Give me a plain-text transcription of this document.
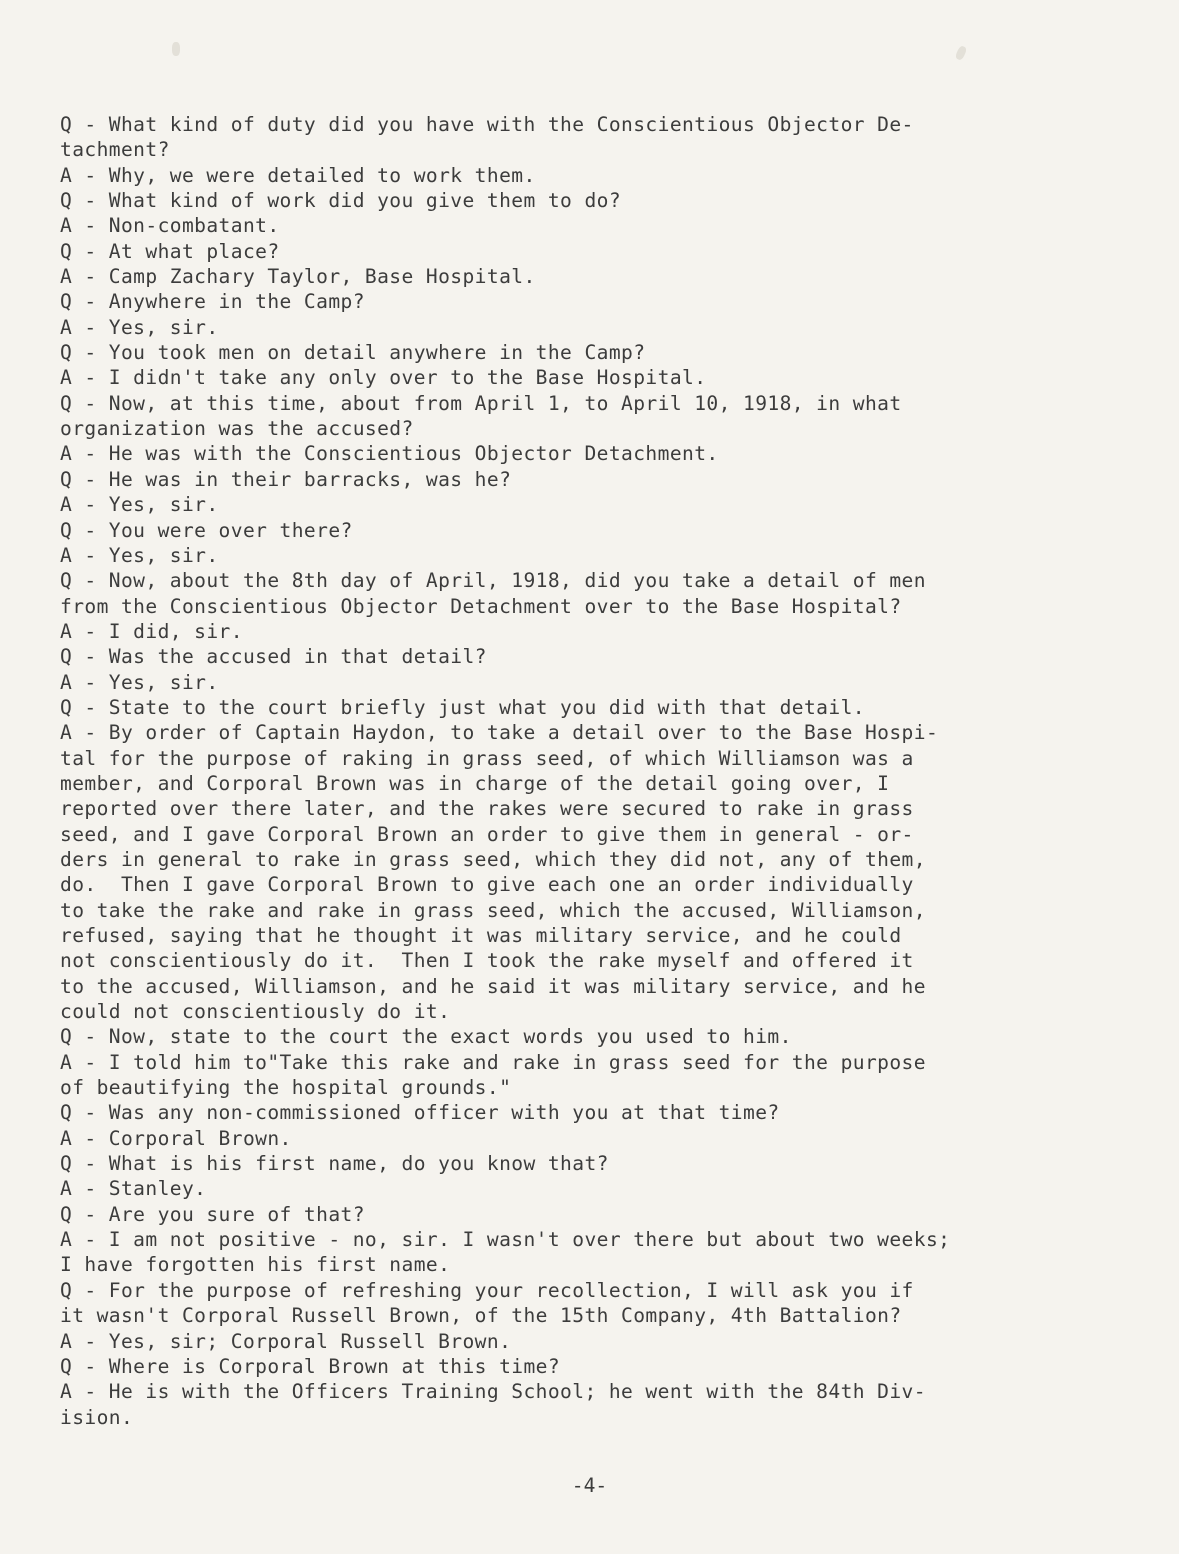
Q - What kind of duty did you have with the Conscientious Objector De-
tachment?
A - Why, we were detailed to work them.
Q - What kind of work did you give them to do?
A - Non-combatant.
Q - At what place?
A - Camp Zachary Taylor, Base Hospital.
Q - Anywhere in the Camp?
A - Yes, sir.
Q - You took men on detail anywhere in the Camp?
A - I didn't take any only over to the Base Hospital.
Q - Now, at this time, about from April 1, to April 10, 1918, in what
organization was the accused?
A - He was with the Conscientious Objector Detachment.
Q - He was in their barracks, was he?
A - Yes, sir.
Q - You were over there?
A - Yes, sir.
Q - Now, about the 8th day of April, 1918, did you take a detail of men
from the Conscientious Objector Detachment over to the Base Hospital?
A - I did, sir.
Q - Was the accused in that detail?
A - Yes, sir.
Q - State to the court briefly just what you did with that detail.
A - By order of Captain Haydon, to take a detail over to the Base Hospi-
tal for the purpose of raking in grass seed, of which Williamson was a
member, and Corporal Brown was in charge of the detail going over, I
reported over there later, and the rakes were secured to rake in grass
seed, and I gave Corporal Brown an order to give them in general - or-
ders in general to rake in grass seed, which they did not, any of them,
do.  Then I gave Corporal Brown to give each one an order individually
to take the rake and rake in grass seed, which the accused, Williamson,
refused, saying that he thought it was military service, and he could
not conscientiously do it.  Then I took the rake myself and offered it
to the accused, Williamson, and he said it was military service, and he
could not conscientiously do it.
Q - Now, state to the court the exact words you used to him.
A - I told him to"Take this rake and rake in grass seed for the purpose
of beautifying the hospital grounds."
Q - Was any non-commissioned officer with you at that time?
A - Corporal Brown.
Q - What is his first name, do you know that?
A - Stanley.
Q - Are you sure of that?
A - I am not positive - no, sir. I wasn't over there but about two weeks;
I have forgotten his first name.
Q - For the purpose of refreshing your recollection, I will ask you if
it wasn't Corporal Russell Brown, of the 15th Company, 4th Battalion?
A - Yes, sir; Corporal Russell Brown.
Q - Where is Corporal Brown at this time?
A - He is with the Officers Training School; he went with the 84th Div-
ision.
-4-
